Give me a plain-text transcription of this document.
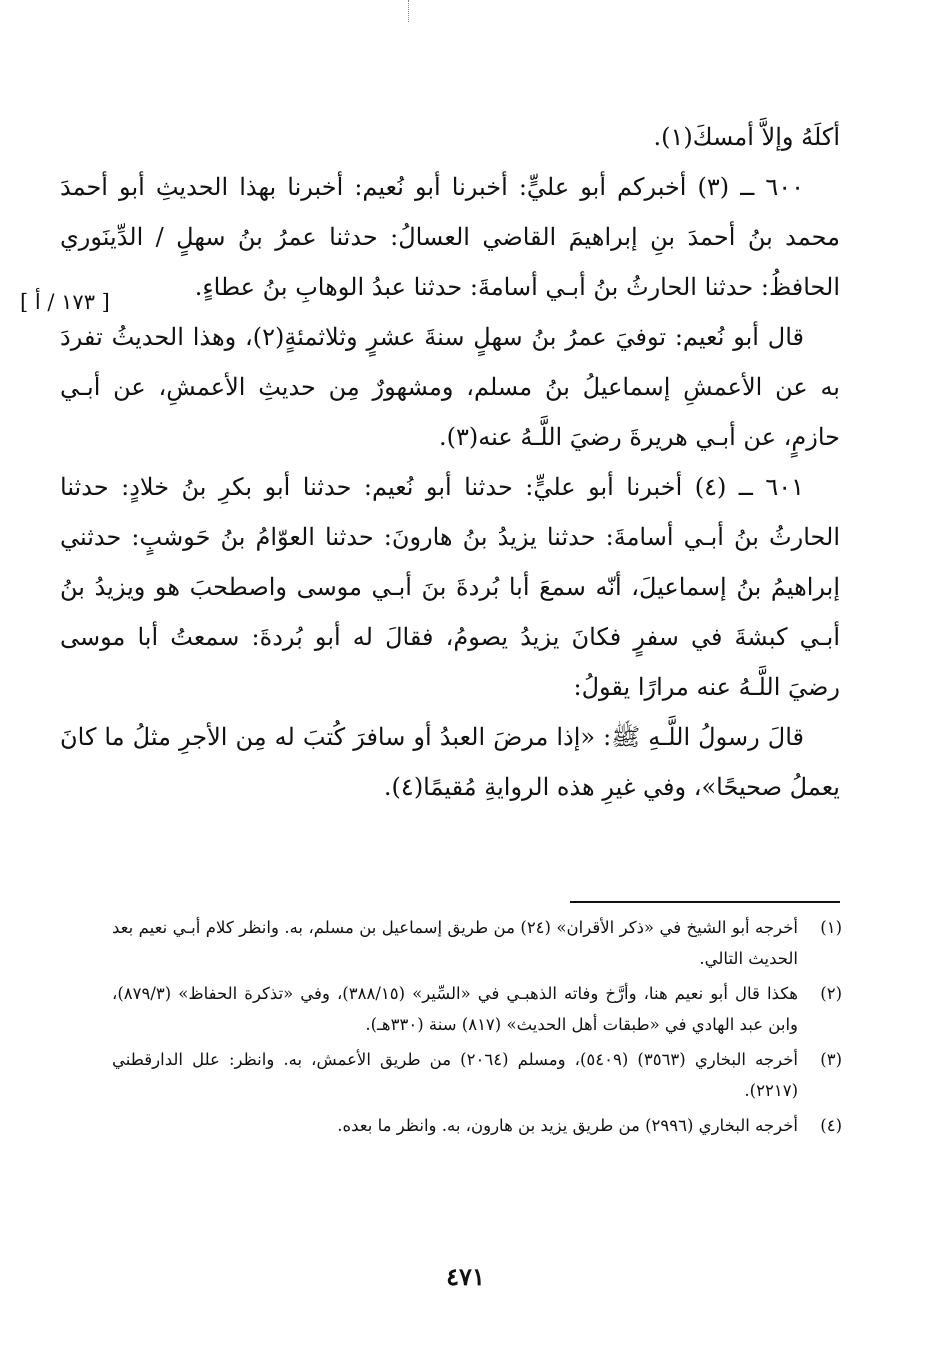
أكلَهُ وإلاَّ أمسكَ(١).

٦٠٠ ــ (٣) أخبركم أبو عليٍّ: أخبرنا أبو نُعيم: أخبرنا بهذا الحديثِ أبو أحمدَ محمد بنُ أحمدَ بنِ إبراهيمَ القاضي العسالُ: حدثنا عمرُ بنُ سهلٍ / الدِّينَوري الحافظُ: حدثنا الحارثُ بنُ أبـي أسامةَ: حدثنا عبدُ الوهابِ بنُ عطاءٍ.

قال أبو نُعيم: توفيَ عمرُ بنُ سهلٍ سنةَ عشرٍ وثلاثمئةٍ(٢)، وهذا الحديثُ تفردَ به عن الأعمشِ إسماعيلُ بنُ مسلم، ومشهورٌ مِن حديثِ الأعمشِ، عن أبـي حازمٍ، عن أبـي هريرةَ رضيَ اللَّـهُ عنه(٣).

٦٠١ ــ (٤) أخبرنا أبو عليٍّ: حدثنا أبو نُعيم: حدثنا أبو بكرِ بنُ خلادٍ: حدثنا الحارثُ بنُ أبـي أسامةَ: حدثنا يزيدُ بنُ هارونَ: حدثنا العوّامُ بنُ حَوشبٍ: حدثني إبراهيمُ بنُ إسماعيلَ، أنّه سمعَ أبا بُردةَ بنَ أبـي موسى واصطحبَ هو ويزيدُ بنُ أبـي كبشةَ في سفرٍ فكانَ يزيدُ يصومُ، فقالَ له أبو بُردةَ: سمعتُ أبا موسى رضيَ اللَّـهُ عنه مرارًا يقولُ:

قالَ رسولُ اللَّـهِ ﷺ: «إذا مرضَ العبدُ أو سافرَ كُتبَ له مِن الأجرِ مثلُ ما كانَ يعملُ صحيحًا»، وفي غيرِ هذه الروايةِ مُقيمًا(٤).

[ ١٧٣ / أ ]
(١)
أخرجه أبو الشيخ في «ذكر الأقران» (٢٤) من طريق إسماعيل بن مسلم، به. وانظر كلام أبـي نعيم بعد الحديث التالي.
(٢)
هكذا قال أبو نعيم هنا، وأرَّخ وفاته الذهبـي في «السِّير» (٣٨٨/١٥)، وفي «تذكرة الحفاظ» (٨٧٩/٣)، وابن عبد الهادي في «طبقات أهل الحديث» (٨١٧) سنة (٣٣٠هـ).
(٣)
أخرجه البخاري (٣٥٦٣) (٥٤٠٩)، ومسلم (٢٠٦٤) من طريق الأعمش، به. وانظر: علل الدارقطني (٢٢١٧).
(٤)
أخرجه البخاري (٢٩٩٦) من طريق يزيد بن هارون، به. وانظر ما بعده.
٤٧١
